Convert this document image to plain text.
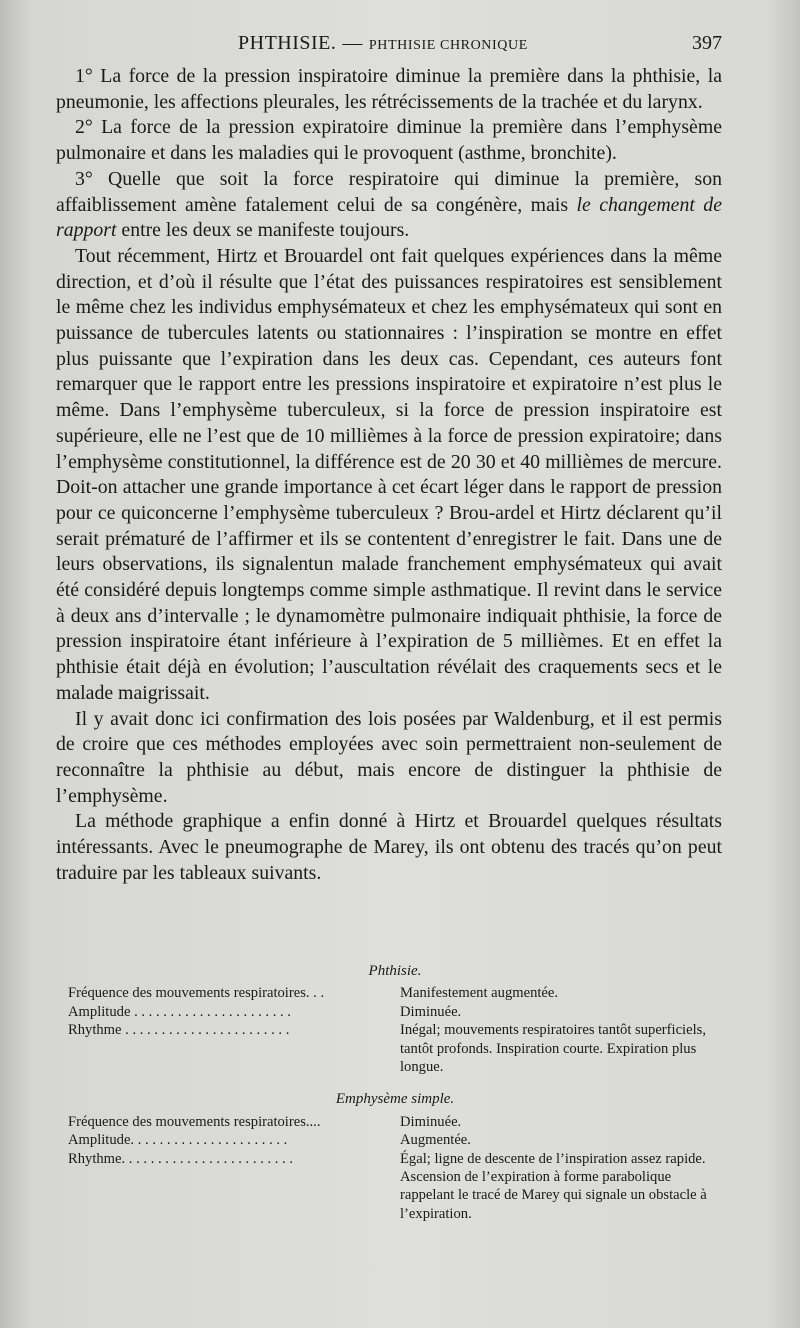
PHTHISIE. — PHTHISIE CHRONIQUE	397

1° La force de la pression inspiratoire diminue la première dans la phthisie, la pneumonie, les affections pleurales, les rétrécissements de la trachée et du larynx.

2° La force de la pression expiratoire diminue la première dans l’emphysème pulmonaire et dans les maladies qui le provoquent (asthme, bronchite).

3° Quelle que soit la force respiratoire qui diminue la première, son affaiblissement amène fatalement celui de sa congénère, mais le changement de rapport entre les deux se manifeste toujours.

Tout récemment, Hirtz et Brouardel ont fait quelques expériences dans la même direction, et d’où il résulte que l’état des puissances respiratoires est sensiblement le même chez les individus emphysémateux et chez les emphysémateux qui sont en puissance de tubercules latents ou stationnaires : l’inspiration se montre en effet plus puissante que l’expiration dans les deux cas. Cependant, ces auteurs font remarquer que le rapport entre les pressions inspiratoire et expiratoire n’est plus le même. Dans l’emphysème tuberculeux, si la force de pression inspiratoire est supérieure, elle ne l’est que de 10 millièmes à la force de pression expiratoire; dans l’emphysème constitutionnel, la différence est de 20 30 et 40 millièmes de mercure. Doit-on attacher une grande importance à cet écart léger dans le rapport de pression pour ce quiconcerne l’emphysème tuberculeux ? Brou-ardel et Hirtz déclarent qu’il serait prématuré de l’affirmer et ils se contentent d’enregistrer le fait. Dans une de leurs observations, ils signalentun malade franchement emphysémateux qui avait été considéré depuis longtemps comme simple asthmatique. Il revint dans le service à deux ans d’intervalle ; le dynamomètre pulmonaire indiquait phthisie, la force de pression inspiratoire étant inférieure à l’expiration de 5 millièmes. Et en effet la phthisie était déjà en évolution; l’auscultation révélait des craquements secs et le malade maigrissait.

Il y avait donc ici confirmation des lois posées par Waldenburg, et il est permis de croire que ces méthodes employées avec soin permettraient non-seulement de reconnaître la phthisie au début, mais encore de distinguer la phthisie de l’emphysème.

La méthode graphique a enfin donné à Hirtz et Brouardel quelques résultats intéressants. Avec le pneumographe de Marey, ils ont obtenu des tracés qu’on peut traduire par les tableaux suivants.

Phthisie.
Fréquence des mouvements respiratoires. . .	Manifestement augmentée.
Amplitude . . . . . . . . . . . . . . . . . . . . . .	Diminuée.
Rhythme . . . . . . . . . . . . . . . . . . . . . . .	Inégal; mouvements respiratoires tantôt superficiels, tantôt profonds. Inspiration courte. Expiration plus longue.
Emphysème simple.
Fréquence des mouvements respiratoires....	Diminuée.
Amplitude. . . . . . . . . . . . . . . . . . . . . .	Augmentée.
Rhythme. . . . . . . . . . . . . . . . . . . . . . . .	Égal; ligne de descente de l’inspiration assez rapide. Ascension de l’expiration à forme parabolique rappelant le tracé de Marey qui signale un obstacle à l’expiration.
